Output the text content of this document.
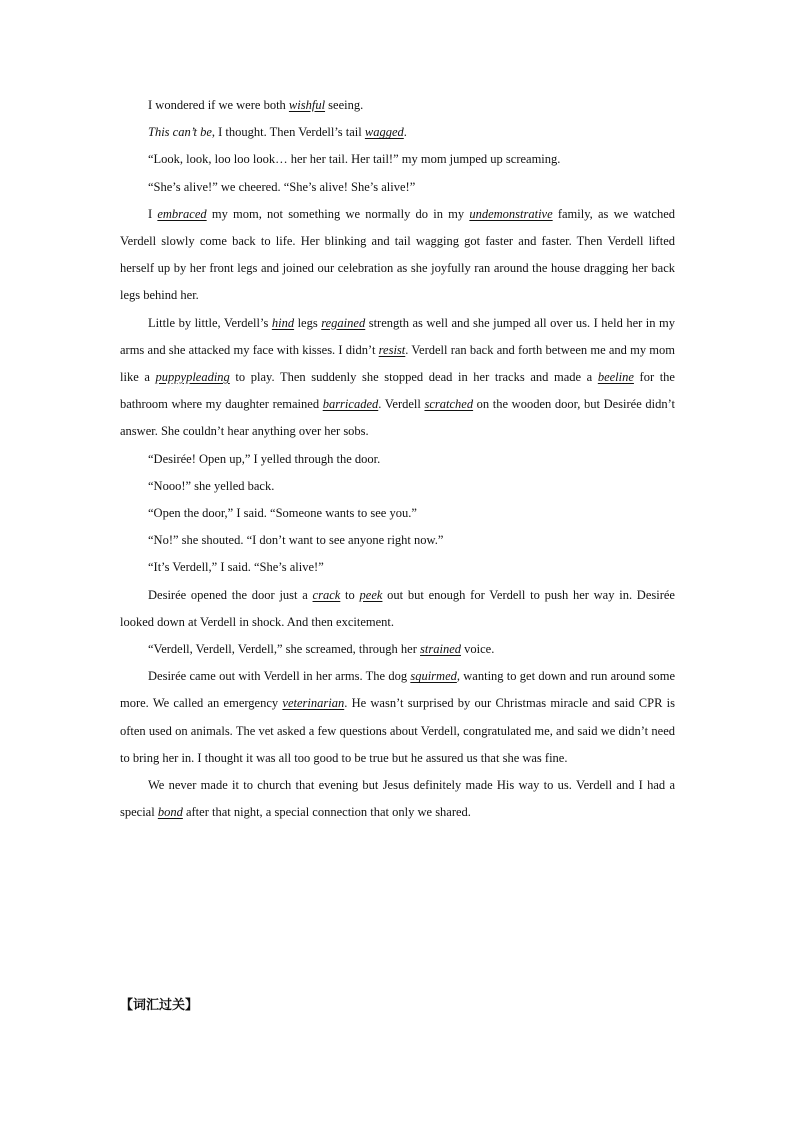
I wondered if we were both wishful seeing.

This can’t be, I thought. Then Verdell’s tail wagged.

“Look, look, loo loo look… her her tail. Her tail!” my mom jumped up screaming.

“She’s alive!” we cheered. “She’s alive! She’s alive!”

I embraced my mom, not something we normally do in my undemonstrative family, as we watched Verdell slowly come back to life. Her blinking and tail wagging got faster and faster. Then Verdell lifted herself up by her front legs and joined our celebration as she joyfully ran around the house dragging her back legs behind her.

Little by little, Verdell’s hind legs regained strength as well and she jumped all over us. I held her in my arms and she attacked my face with kisses. I didn’t resist. Verdell ran back and forth between me and my mom like a puppypleading to play. Then suddenly she stopped dead in her tracks and made a beeline for the bathroom where my daughter remained barricaded. Verdell scratched on the wooden door, but Desirée didn’t answer. She couldn’t hear anything over her sobs.

“Desirée! Open up,” I yelled through the door.

“Nooo!” she yelled back.

“Open the door,” I said. “Someone wants to see you.”

“No!” she shouted. “I don’t want to see anyone right now.”

“It’s Verdell,” I said. “She’s alive!”

Desirée opened the door just a crack to peek out but enough for Verdell to push her way in. Desirée looked down at Verdell in shock. And then excitement.

“Verdell, Verdell, Verdell,” she screamed, through her strained voice.

Desirée came out with Verdell in her arms. The dog squirmed, wanting to get down and run around some more. We called an emergency veterinarian. He wasn’t surprised by our Christmas miracle and said CPR is often used on animals. The vet asked a few questions about Verdell, congratulated me, and said we didn’t need to bring her in. I thought it was all too good to be true but he assured us that she was fine.

We never made it to church that evening but Jesus definitely made His way to us. Verdell and I had a special bond after that night, a special connection that only we shared.

【词汇过关】
